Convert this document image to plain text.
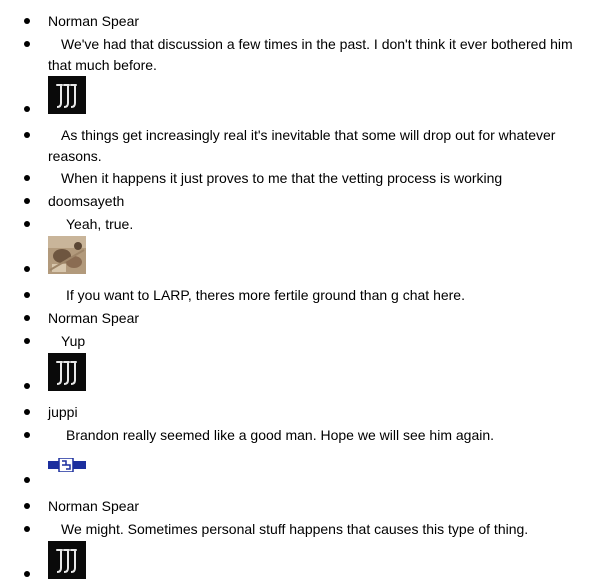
Norman Spear
We've had that discussion a few times in the past. I don't think it ever bothered him that much before.
As things get increasingly real it's inevitable that some will drop out for whatever reasons.
When it happens it just proves to me that the vetting process is working
doomsayeth
Yeah, true.
If you want to LARP, theres more fertile ground than g chat here.
Norman Spear
Yup
juppi
Brandon really seemed like a good man. Hope we will see him again.
Norman Spear
We might. Sometimes personal stuff happens that causes this type of thing.
